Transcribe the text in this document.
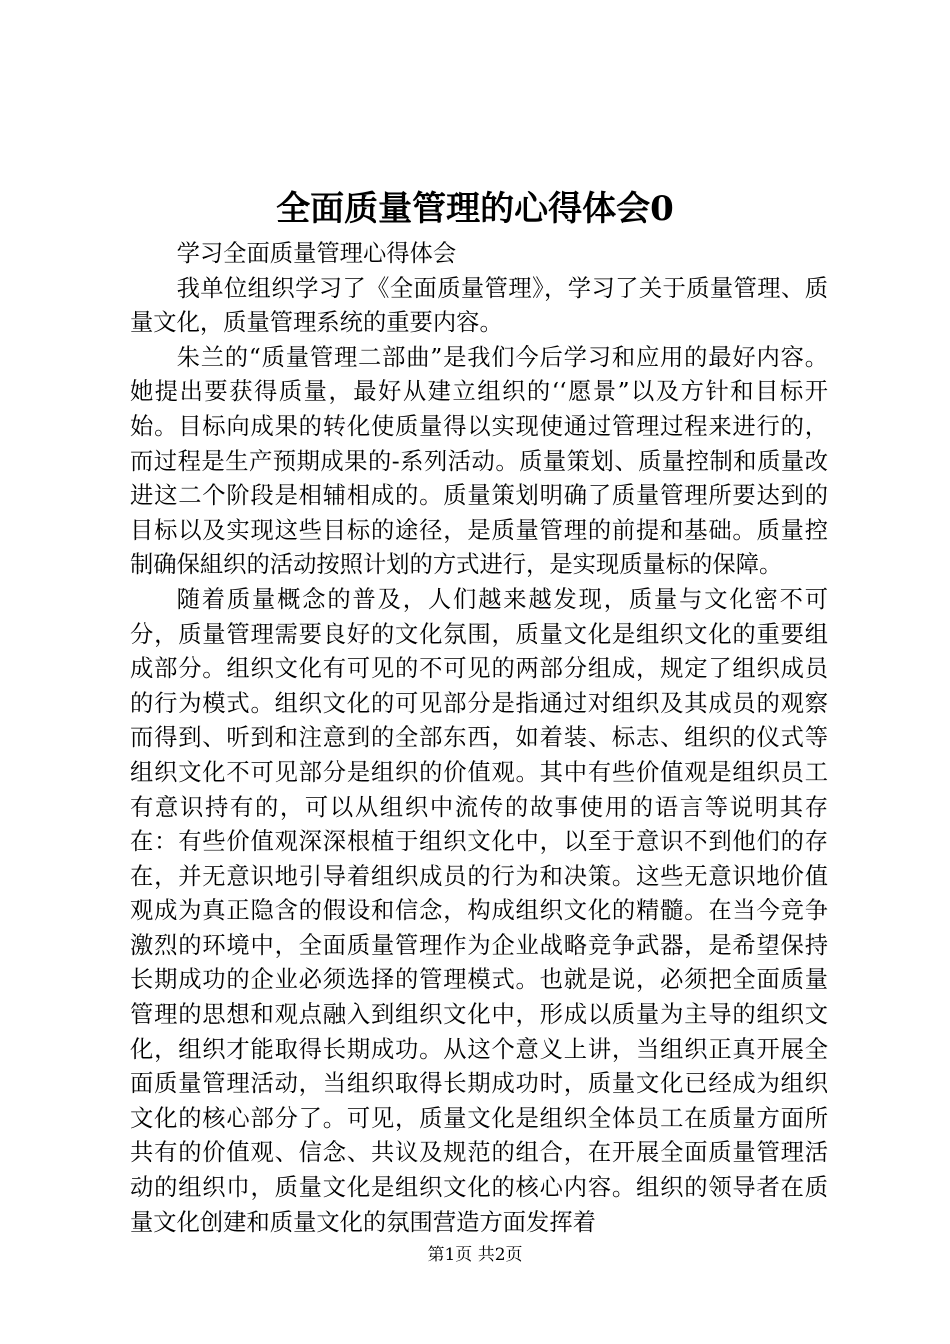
全面质量管理的心得体会0

学习全面质量管理心得体会

我单位组织学习了《全面质量管理》，学习了关于质量管理、质量文化，质量管理系统的重要内容。

朱兰的“质量管理二部曲”是我们今后学习和应用的最好内容。她提出要获得质量，最好从建立组织的‘‘愿景”以及方针和目标开始。目标向成果的转化使质量得以实现使通过管理过程来进行的，而过程是生产预期成果的-系列活动。质量策划、质量控制和质量改进这二个阶段是相辅相成的。质量策划明确了质量管理所要达到的目标以及实现这些目标的途径，是质量管理的前提和基础。质量控制确保組织的活动按照计划的方式进行，是实现质量标的保障。

随着质量概念的普及，人们越来越发现，质量与文化密不可分，质量管理需要良好的文化氛围，质量文化是组织文化的重要组成部分。组织文化有可见的不可见的两部分组成，规定了组织成员的行为模式。组织文化的可见部分是指通过对组织及其成员的观察而得到、听到和注意到的全部东西，如着装、标志、组织的仪式等组织文化不可见部分是组织的价值观。其中有些价值观是组织员工有意识持有的，可以从组织中流传的故事使用的语言等说明其存在：有些价值观深深根植于组织文化中，以至于意识不到他们的存在，并无意识地引导着组织成员的行为和决策。这些无意识地价值观成为真正隐含的假设和信念，构成组织文化的精髓。在当今竞争激烈的环境中，全面质量管理作为企业战略竞争武器，是希望保持长期成功的企业必须选择的管理模式。也就是说，必须把全面质量管理的思想和观点融入到组织文化中，形成以质量为主导的组织文化，组织才能取得长期成功。从这个意义上讲，当组织正真开展全面质量管理活动，当组织取得长期成功时，质量文化已经成为组织文化的核心部分了。可见，质量文化是组织全体员工在质量方面所共有的价值观、信念、共议及规范的组合，在开展全面质量管理活动的组织巾，质量文化是组织文化的核心内容。组织的领导者在质量文化创建和质量文化的氛围营造方面发挥着

第1页 共2页
